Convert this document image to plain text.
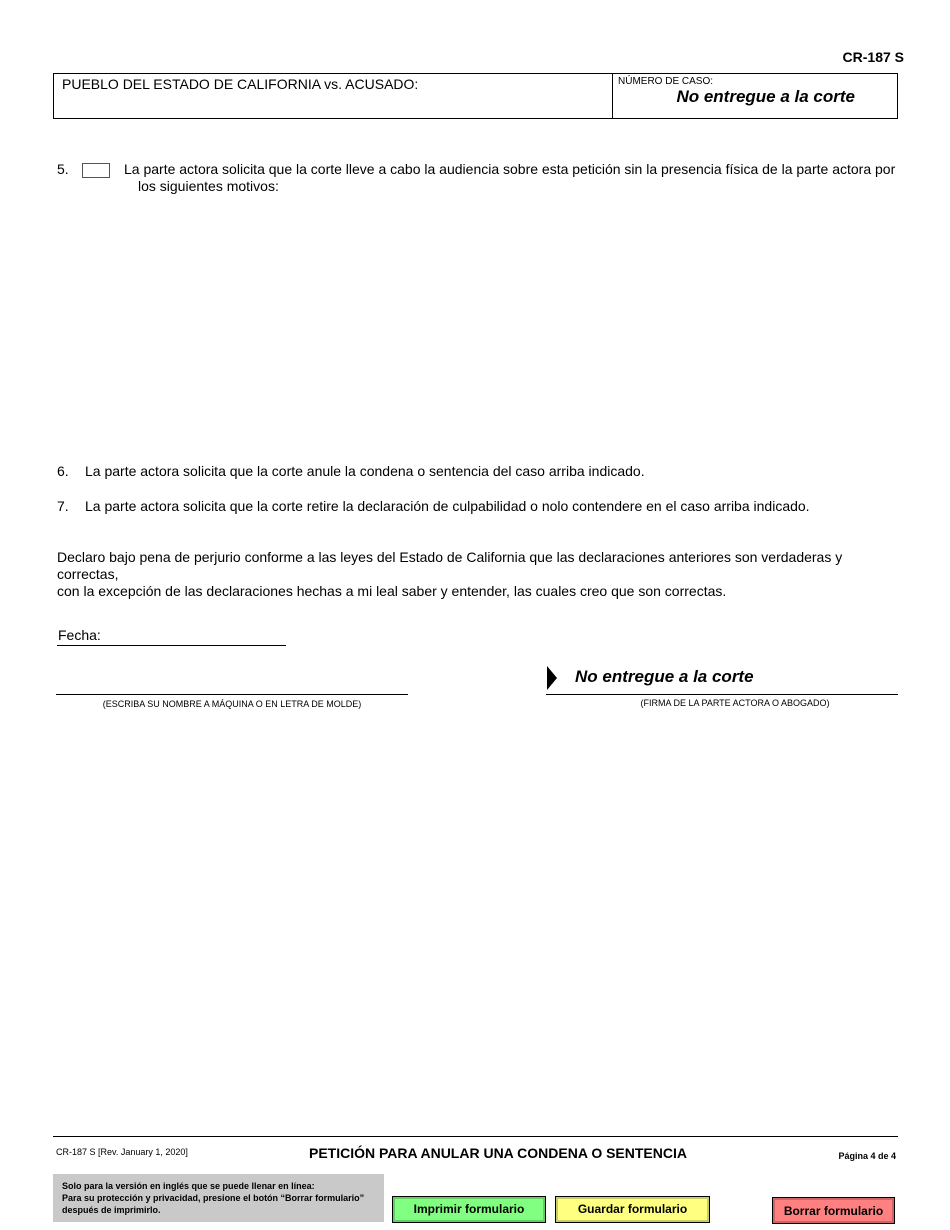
CR-187 S
PUEBLO DEL ESTADO DE CALIFORNIA vs. ACUSADO:	NÚMERO DE CASO:
No entregue a la corte
5.	La parte actora solicita que la corte lleve a cabo la audiencia sobre esta petición sin la presencia física de la parte actora por
los siguientes motivos:
6. La parte actora solicita que la corte anule la condena o sentencia del caso arriba indicado.
7. La parte actora solicita que la corte retire la declaración de culpabilidad o nolo contendere en el caso arriba indicado.
Declaro bajo pena de perjurio conforme a las leyes del Estado de California que las declaraciones anteriores son verdaderas y correctas,
con la excepción de las declaraciones hechas a mi leal saber y entender, las cuales creo que son correctas.
Fecha:
(ESCRIBA SU NOMBRE A MÁQUINA O EN LETRA DE MOLDE)
No entregue a la corte
(FIRMA DE LA PARTE ACTORA O ABOGADO)
CR-187 S [Rev. January 1, 2020]	PETICIÓN PARA ANULAR UNA CONDENA O SENTENCIA	Página 4 de 4
Solo para la versión en inglés que se puede llenar en línea:
Para su protección y privacidad, presione el botón “Borrar formulario”
después de imprimirlo.	Imprimir formulario	Guardar formulario	Borrar formulario
